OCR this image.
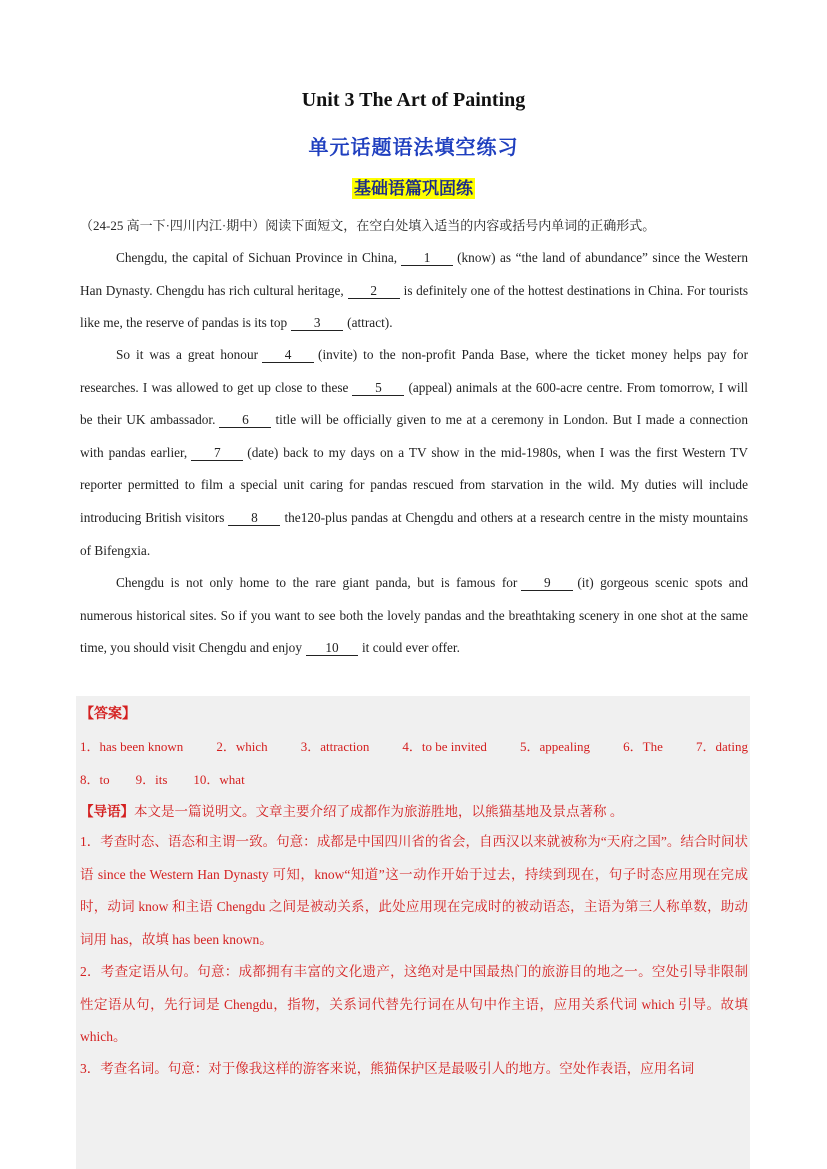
Unit 3 The Art of Painting
单元话题语法填空练习
基础语篇巩固练
（24-25 高一下·四川内江·期中）阅读下面短文，在空白处填入适当的内容或括号内单词的正确形式。
Chengdu, the capital of Sichuan Province in China, 1 (know) as “the land of abundance” since the Western Han Dynasty. Chengdu has rich cultural heritage, 2 is definitely one of the hottest destinations in China. For tourists like me, the reserve of pandas is its top 3 (attract).
So it was a great honour 4 (invite) to the non-profit Panda Base, where the ticket money helps pay for researches. I was allowed to get up close to these 5 (appeal) animals at the 600-acre centre. From tomorrow, I will be their UK ambassador. 6 title will be officially given to me at a ceremony in London. But I made a connection with pandas earlier, 7 (date) back to my days on a TV show in the mid-1980s, when I was the first Western TV reporter permitted to film a special unit caring for pandas rescued from starvation in the wild. My duties will include introducing British visitors 8 the120-plus pandas at Chengdu and others at a research centre in the misty mountains of Bifengxia.
Chengdu is not only home to the rare giant panda, but is famous for 9 (it) gorgeous scenic spots and numerous historical sites. So if you want to see both the lovely pandas and the breathtaking scenery in one shot at the same time, you should visit Chengdu and enjoy 10 it could ever offer.
【答案】
1．has been known	2．which	3．attraction	4．to be invited	5．appealing	6．The	7．dating
8．to 9．its 10．what
【导语】本文是一篇说明文。文章主要介绍了成都作为旅游胜地，以熊猫基地及景点著称 。
1．考查时态、语态和主谓一致。句意：成都是中国四川省的省会，自西汉以来就被称为“天府之国”。结合时间状语 since the Western Han Dynasty 可知，know“知道”这一动作开始于过去，持续到现在，句子时态应用现在完成时，动词 know 和主语 Chengdu 之间是被动关系，此处应用现在完成时的被动语态，主语为第三人称单数，助动词用 has，故填 has been known。
2．考查定语从句。句意：成都拥有丰富的文化遗产，这绝对是中国最热门的旅游目的地之一。空处引导非限制性定语从句，先行词是 Chengdu，指物，关系词代替先行词在从句中作主语，应用关系代词 which 引导。故填 which。
3．考查名词。句意：对于像我这样的游客来说，熊猫保护区是最吸引人的地方。空处作表语，应用名词
